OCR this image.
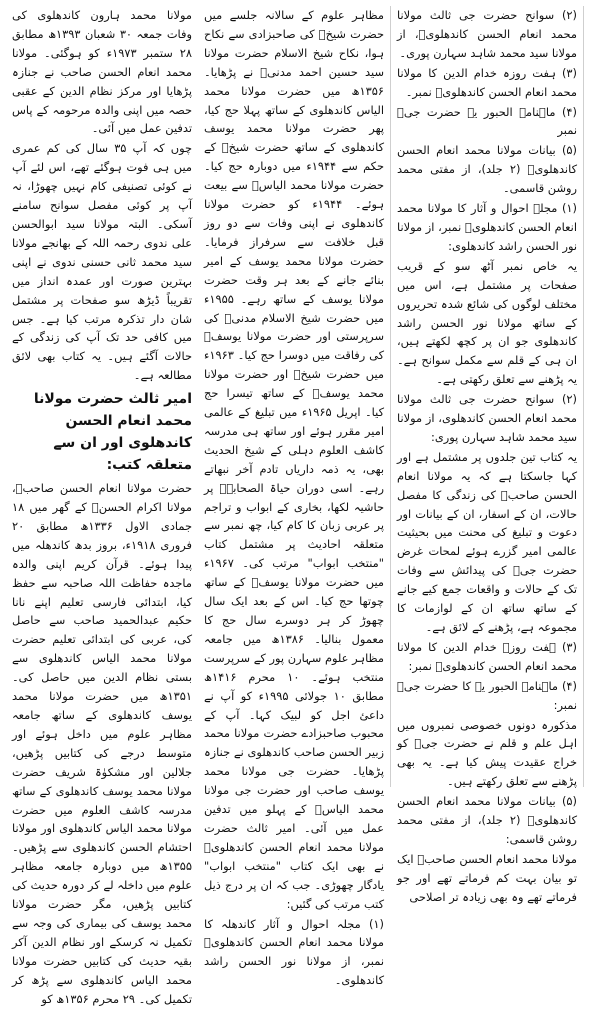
مولانا محمد ہارون کاندھلوی کی وفات جمعہ ۳۰ شعبان ۱۳۹۳ھ مطابق ۲۸ ستمبر ۱۹۷۳ء کو ہوگئی۔ مولانا محمد انعام الحسن صاحب نے جنازہ پڑھایا اور مرکز نظام الدین کے عقبی حصہ میں اپنی والدہ مرحومہ کے پاس تدفین عمل میں آئی۔

چوں کہ آپ ۳۵ سال کی کم عمری میں ہی فوت ہوگئے تھے، اس لئے آپ نے کوئی تصنیفی کام نہیں چھوڑا، نہ آپ پر کوئی مفصل سوانح سامنے آسکی۔ البتہ مولانا سید ابوالحسن علی ندوی رحمہ اللہ کے بھانجے مولانا سید محمد ثانی حسنی ندوی نے اپنی بہترین صورت اور عمدہ انداز میں تقریباً ڈیڑھ سو صفحات پر مشتمل شان دار تذکرہ مرتب کیا ہے۔ جس میں کافی حد تک آپ کی زندگی کے حالات آگئے ہیں۔ یہ کتاب بھی لائق مطالعہ ہے۔

امیر ثالث حضرت مولانا محمد انعام الحسن کاندھلوی اور ان سے متعلقہ کتب:

حضرت مولانا انعام الحسن صاحبؒ، مولانا اکرام الحسنؒ کے گھر میں ۱۸ جمادی الاول ۱۳۳۶ھ مطابق ۲۰ فروری ۱۹۱۸ء، بروز بدھ کاندھلہ میں پیدا ہوئے۔ قرآن کریم اپنی والدہ ماجدہ حفاظت اللہ صاحبہ سے حفظ کیا، ابتدائی فارسی تعلیم اپنے نانا حکیم عبدالحمید صاحب سے حاصل کی، عربی کی ابتدائی تعلیم حضرت مولانا محمد الیاس کاندھلوی سے بستی نظام الدین میں حاصل کی۔ ۱۳۵۱ھ میں حضرت مولانا محمد یوسف کاندھلوی کے ساتھ جامعہ مظاہر علوم میں داخل ہوئے اور متوسط درجے کی کتابیں پڑھیں، جلالین اور مشکوٰۃ شریف حضرت مولانا محمد یوسف کاندھلوی کے ساتھ مدرسہ کاشف العلوم میں حضرت مولانا محمد الیاس کاندھلوی اور مولانا احتشام الحسن کاندھلوی سے پڑھیں۔ ۱۳۵۵ھ میں دوبارہ جامعہ مظاہر علوم میں داخلہ لے کر دورہ حدیث کی کتابیں پڑھیں، مگر حضرت مولانا محمد یوسف کی بیماری کی وجہ سے تکمیل نہ کرسکے اور نظام الدین آکر بقیہ حدیث کی کتابیں حضرت مولانا محمد الیاس کاندھلوی سے پڑھ کر تکمیل کی۔ ۲۹ محرم ۱۳۵۶ھ کو

مظاہر علوم کے سالانہ جلسے میں حضرت شیخؒ کی صاحبزادی سے نکاح ہوا، نکاح شیخ الاسلام حضرت مولانا سید حسین احمد مدنیؒ نے پڑھایا۔ ۱۳۵۶ھ میں حضرت مولانا محمد الیاس کاندھلوی کے ساتھ پہلا حج کیا، پھر حضرت مولانا محمد یوسف کاندھلوی کے ساتھ حضرت شیخؒ کے حکم سے ۱۹۴۴ء میں دوبارہ حج کیا۔ حضرت مولانا محمد الیاسؒ سے بیعت ہوئے۔ ۱۹۴۴ء کو حضرت مولانا کاندھلوی نے اپنی وفات سے دو روز قبل خلافت سے سرفراز فرمایا۔ حضرت مولانا محمد یوسف کے امیر بنائے جانے کے بعد ہر وقت حضرت مولانا یوسف کے ساتھ رہے۔ ۱۹۵۵ء میں حضرت شیخ الاسلام مدنیؒ کی سرپرستی اور حضرت مولانا یوسفؒ کی رفاقت میں دوسرا حج کیا۔ ۱۹۶۳ء میں حضرت شیخؒ اور حضرت مولانا محمد یوسفؒ کے ساتھ تیسرا حج کیا۔ اپریل ۱۹۶۵ء میں تبلیغ کے عالمی امیر مقرر ہوئے اور ساتھ ہی مدرسہ کاشف العلوم دہلی کے شیخ الحدیث بھی، یہ ذمہ داریاں تادم آخر نبھاتے رہے۔ اسی دوران حیاۃ الصحابہؓ پر حاشیہ لکھا، بخاری کے ابواب و تراجم پر عربی زبان کا کام کیا، چھ نمبر سے متعلقہ احادیث پر مشتمل کتاب "منتخب ابواب" مرتب کی۔ ۱۹۶۷ء میں حضرت مولانا یوسفؒ کے ساتھ چوتھا حج کیا۔ اس کے بعد ایک سال چھوڑ کر ہر دوسرے سال حج کا معمول بنالیا۔ ۱۳۸۶ھ میں جامعہ مظاہر علوم سہارن پور کے سرپرست منتخب ہوئے۔ ۱۰ محرم ۱۴۱۶ھ مطابق ۱۰ جولائی ۱۹۹۵ء کو آپ نے داعیٔ اجل کو لبیک کہا۔ آپ کے محبوب صاحبزادے حضرت مولانا محمد زبیر الحسن صاحب کاندھلوی نے جنازہ پڑھایا۔ حضرت جی مولانا محمد یوسف صاحب اور حضرت جی مولانا محمد الیاسؒ کے پہلو میں تدفین عمل میں آئی۔ امیر ثالث حضرت مولانا محمد انعام الحسن کاندھلویؒ نے بھی ایک کتاب "منتخب ابواب" یادگار چھوڑی۔ جب کہ ان پر درج ذیل کتب مرتب کی گئیں:

(۱) مجلہ احوال و آثار کاندھلہ کا مولانا محمد انعام الحسن کاندھلویؒ نمبر، از مولانا نور الحسن راشد کاندھلوی۔

(۲) سوانح حضرت جی ثالث مولانا محمد انعام الحسن کاندھلویؒ، از مولانا سید محمد شاہد سہارن پوری۔

(۳) ہفت روزہ خدام الدین کا مولانا محمد انعام الحسن کاندھلویؒ نمبر۔

(۴) ماہنامہ الحبور یہ حضرت جیؒ نمبر

(۵) بیانات مولانا محمد انعام الحسن کاندھلویؒ (۲ جلد)، از مفتی محمد روشن قاسمی۔

(۱) مجلہ احوال و آثار کا مولانا محمد انعام الحسن کاندھلویؒ نمبر، از مولانا نور الحسن راشد کاندھلوی:

یہ خاص نمبر آٹھ سو کے قریب صفحات پر مشتمل ہے، اس میں مختلف لوگوں کی شائع شدہ تحریروں کے ساتھ مولانا نور الحسن راشد کاندھلوی جو ان پر کچھ لکھتے ہیں، ان ہی کے قلم سے مکمل سوانح ہے۔ یہ پڑھنے سے تعلق رکھتی ہے۔

(۲) سوانح حضرت جی ثالث مولانا محمد انعام الحسن کاندھلوی، از مولانا سید محمد شاہد سہارن پوری:

یہ کتاب تین جلدوں پر مشتمل ہے اور کہا جاسکتا ہے کہ یہ مولانا انعام الحسن صاحبؒ کی زندگی کا مفصل حالات، ان کے اسفار، ان کے بیانات اور دعوت و تبلیغ کی محنت میں بحیثیت عالمی امیر گزرے ہوئے لمحات غرض حضرت جیؒ کی پیدائش سے وفات تک کے حالات و واقعات جمع کیے جانے کے ساتھ ساتھ ان کے لوازمات کا مجموعہ ہے، پڑھنے کے لائق ہے۔

(۳) ہفت روزہ خدام الدین کا مولانا محمد انعام الحسن کاندھلویؒ نمبر:

(۴) ماہنامہ الحبور یہ کا حضرت جیؒ نمبر:

مذکورہ دونوں خصوصی نمبروں میں اہل علم و قلم نے حضرت جیؒ کو خراج عقیدت پیش کیا ہے۔ یہ بھی پڑھنے سے تعلق رکھتے ہیں۔

(۵) بیانات مولانا محمد انعام الحسن کاندھلویؒ (۲ جلد)، از مفتی محمد روشن قاسمی:

مولانا محمد انعام الحسن صاحبؒ ایک تو بیان بہت کم فرماتے تھے اور جو فرماتے تھے وہ بھی زیادہ تر اصلاحی
